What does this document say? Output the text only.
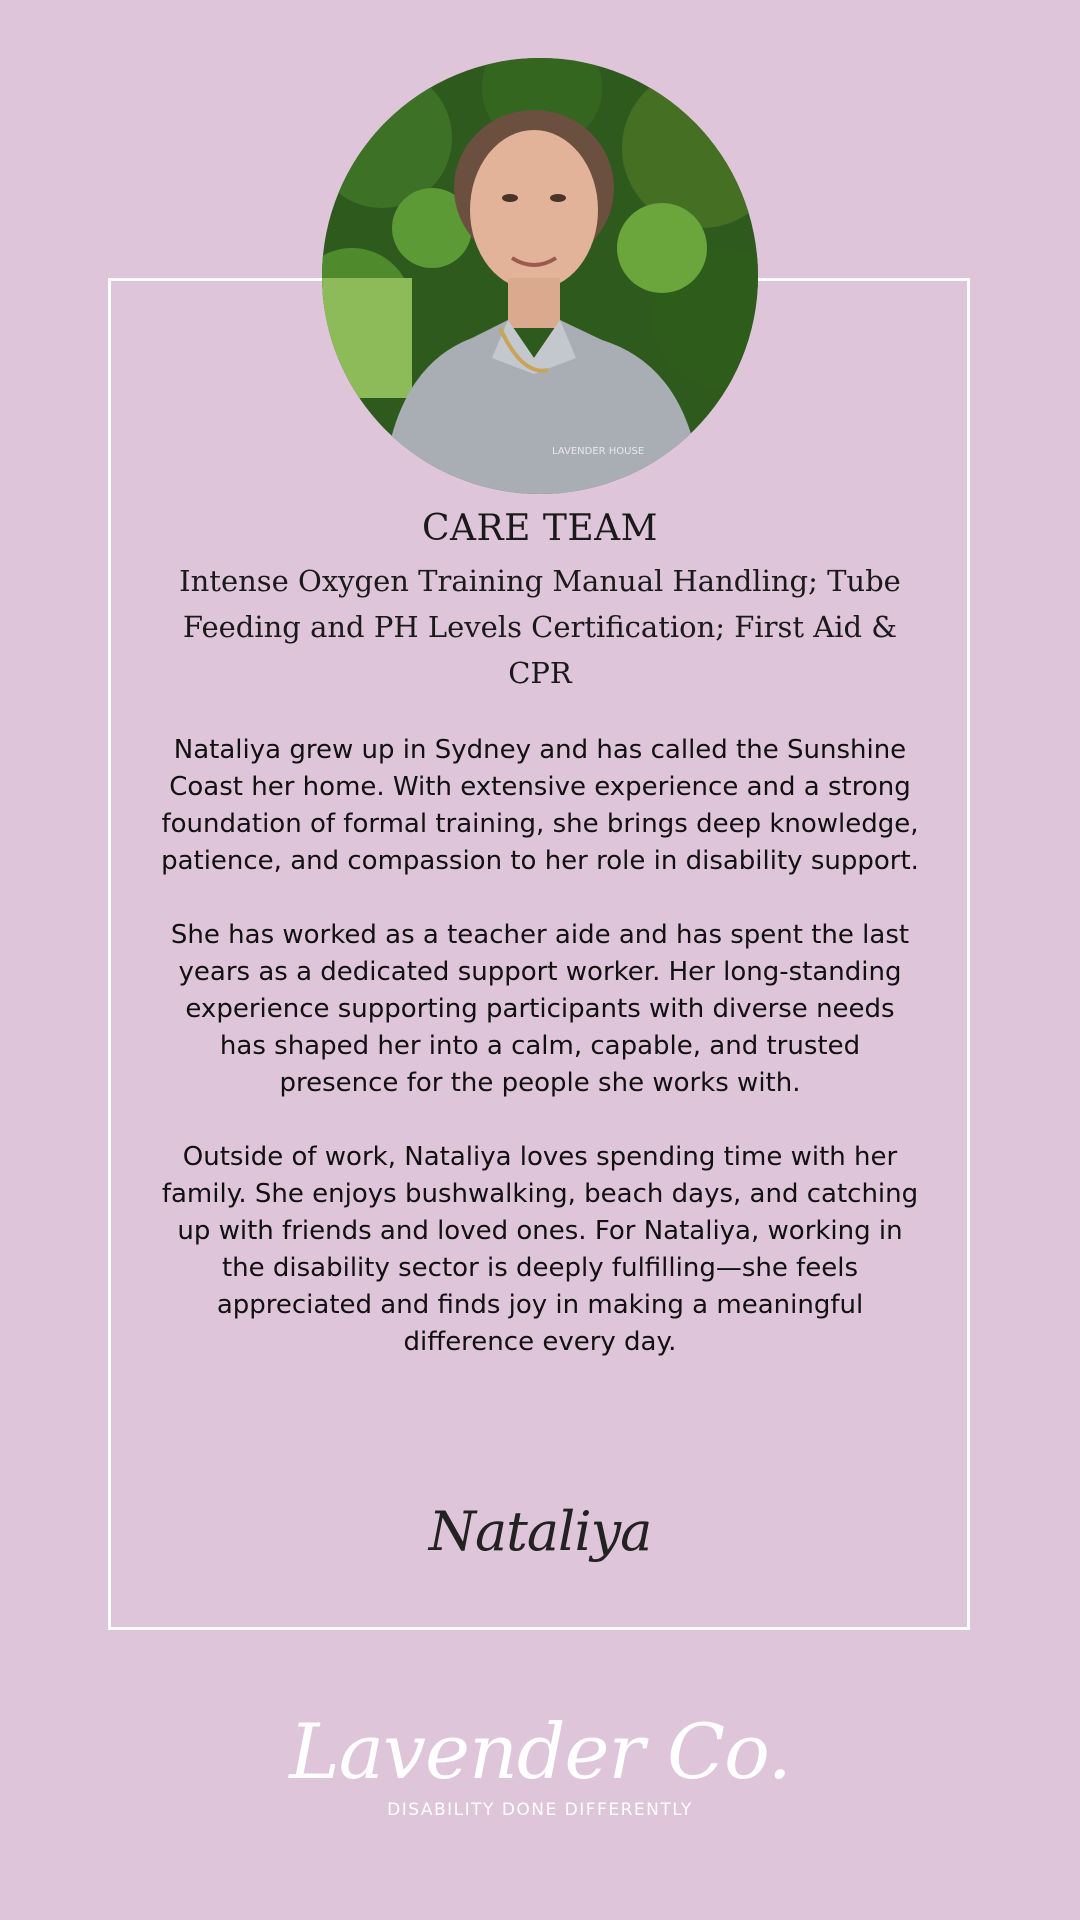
LAVENDER HOUSE
CARE TEAM
Intense Oxygen Training Manual Handling; Tube Feeding and PH Levels Certification; First Aid & CPR

Nataliya grew up in Sydney and has called the Sunshine Coast her home. With extensive experience and a strong foundation of formal training, she brings deep knowledge, patience, and compassion to her role in disability support.

She has worked as a teacher aide and has spent the last years as a dedicated support worker. Her long-standing experience supporting participants with diverse needs has shaped her into a calm, capable, and trusted presence for the people she works with.

Outside of work, Nataliya loves spending time with her family. She enjoys bushwalking, beach days, and catching up with friends and loved ones. For Nataliya, working in the disability sector is deeply fulfilling—she feels appreciated and finds joy in making a meaningful difference every day.

Nataliya
Lavender Co.
DISABILITY DONE DIFFERENTLY
